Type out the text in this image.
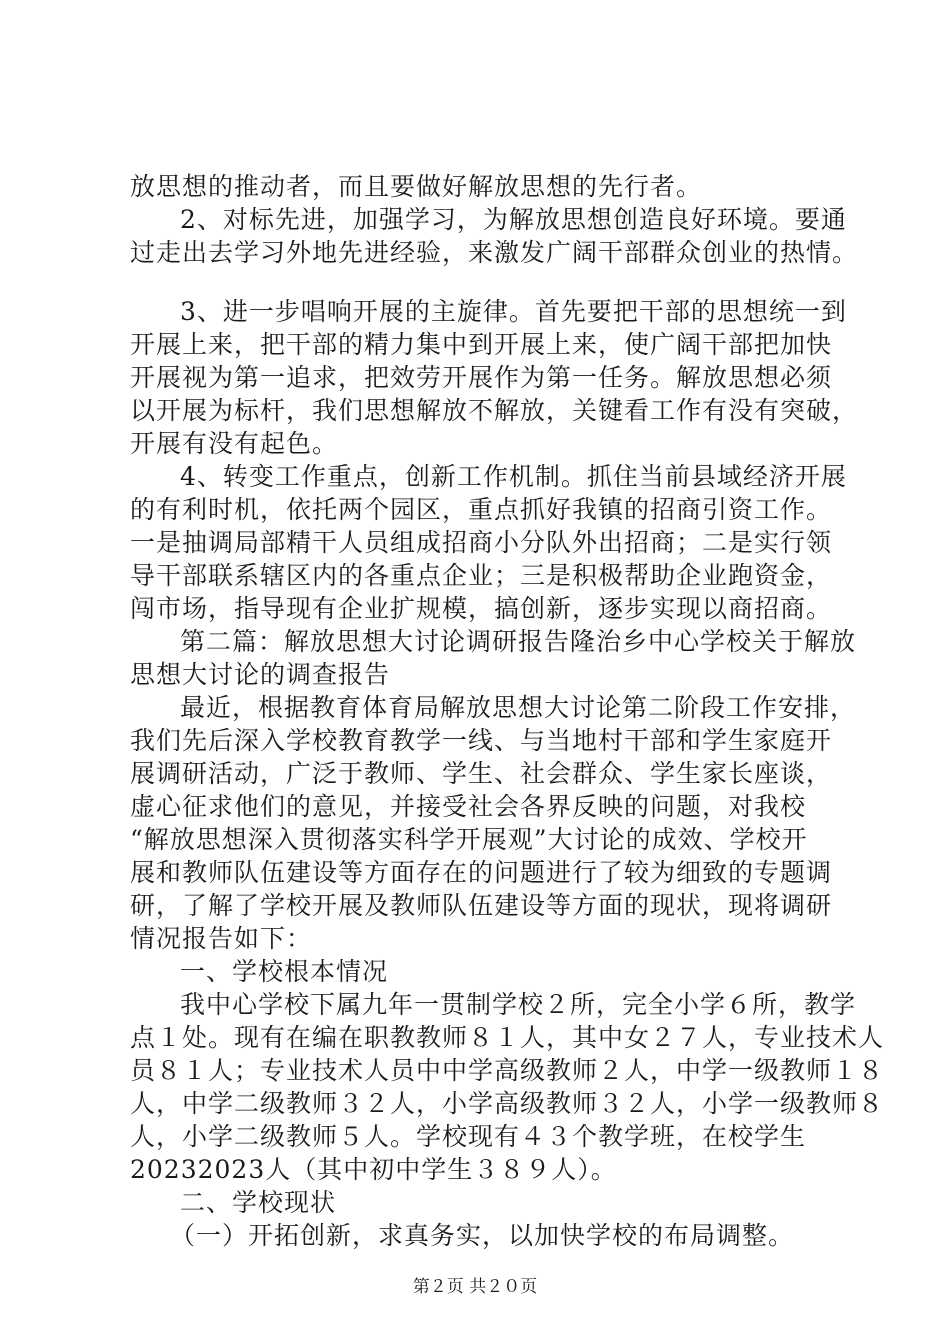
放思想的推动者，而且要做好解放思想的先行者。
2、对标先进，加强学习，为解放思想创造良好环境。要通
过走出去学习外地先进经验，来激发广阔干部群众创业的热情。
3、进一步唱响开展的主旋律。首先要把干部的思想统一到
开展上来，把干部的精力集中到开展上来，使广阔干部把加快
开展视为第一追求，把效劳开展作为第一任务。解放思想必须
以开展为标杆，我们思想解放不解放，关键看工作有没有突破，
开展有没有起色。
4、转变工作重点，创新工作机制。抓住当前县域经济开展
的有利时机，依托两个园区，重点抓好我镇的招商引资工作。
一是抽调局部精干人员组成招商小分队外出招商；二是实行领
导干部联系辖区内的各重点企业；三是积极帮助企业跑资金，
闯市场，指导现有企业扩规模，搞创新，逐步实现以商招商。
第二篇：解放思想大讨论调研报告隆治乡中心学校关于解放
思想大讨论的调查报告
最近，根据教育体育局解放思想大讨论第二阶段工作安排，
我们先后深入学校教育教学一线、与当地村干部和学生家庭开
展调研活动，广泛于教师、学生、社会群众、学生家长座谈，
虚心征求他们的意见，并接受社会各界反映的问题，对我校
“解放思想深入贯彻落实科学开展观”大讨论的成效、学校开
展和教师队伍建设等方面存在的问题进行了较为细致的专题调
研，了解了学校开展及教师队伍建设等方面的现状，现将调研
情况报告如下：
一、学校根本情况
我中心学校下属九年一贯制学校２所，完全小学６所，教学
点１处。现有在编在职教教师８１人，其中女２７人，专业技术人
员８１人；专业技术人员中中学高级教师２人，中学一级教师１８
人，中学二级教师３２人，小学高级教师３２人，小学一级教师８
人，小学二级教师５人。学校现有４３个教学班，在校学生
20232023人（其中初中学生３８９人）。
二、学校现状
（一）开拓创新，求真务实，以加快学校的布局调整。
第２页 共２０页
